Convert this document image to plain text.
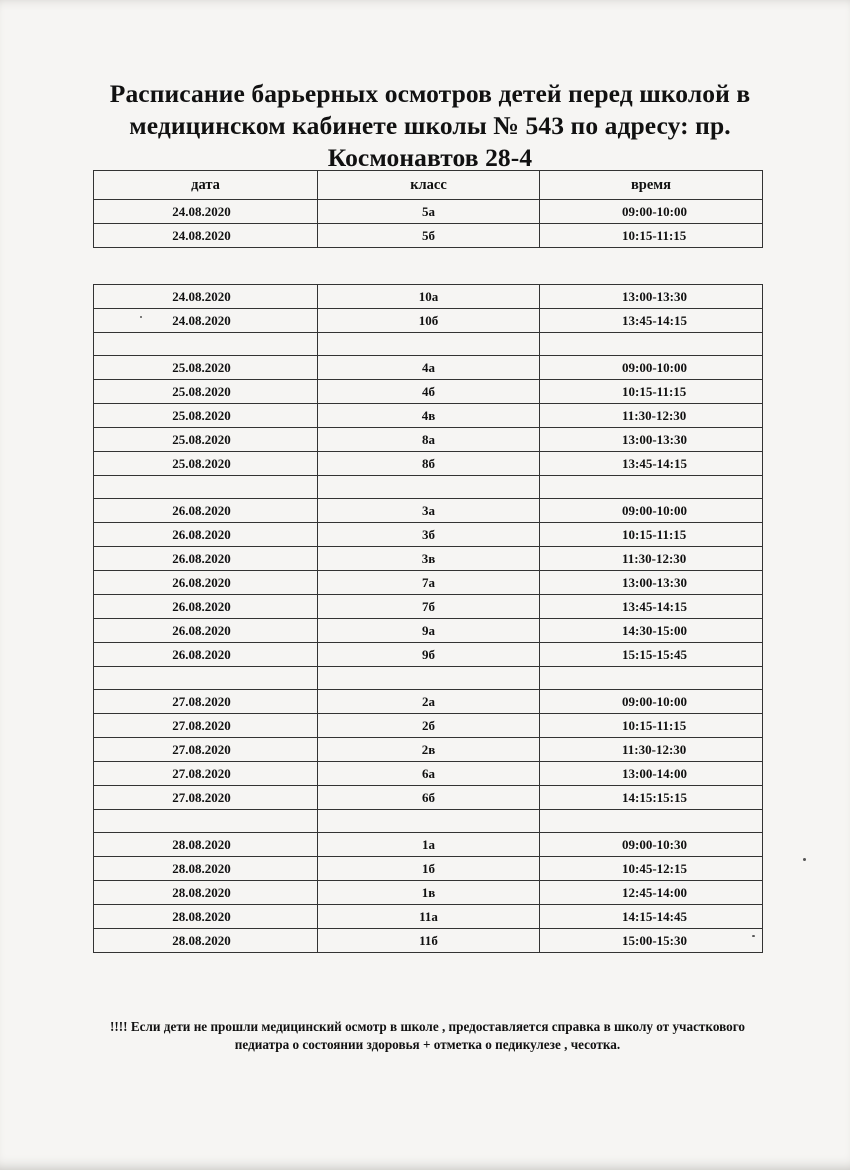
Расписание барьерных осмотров детей перед школой в медицинском кабинете школы № 543 по адресу: пр. Космонавтов 28-4
дата	класс	время
24.08.2020	5а	09:00-10:00
24.08.2020	5б	10:15-11:15

24.08.2020	10а	13:00-13:30
24.08.2020	10б	13:45-14:15

25.08.2020	4а	09:00-10:00
25.08.2020	4б	10:15-11:15
25.08.2020	4в	11:30-12:30
25.08.2020	8а	13:00-13:30
25.08.2020	8б	13:45-14:15

26.08.2020	3а	09:00-10:00
26.08.2020	3б	10:15-11:15
26.08.2020	3в	11:30-12:30
26.08.2020	7а	13:00-13:30
26.08.2020	7б	13:45-14:15
26.08.2020	9а	14:30-15:00
26.08.2020	9б	15:15-15:45

27.08.2020	2а	09:00-10:00
27.08.2020	2б	10:15-11:15
27.08.2020	2в	11:30-12:30
27.08.2020	6а	13:00-14:00
27.08.2020	6б	14:15:15:15

28.08.2020	1а	09:00-10:30
28.08.2020	1б	10:45-12:15
28.08.2020	1в	12:45-14:00
28.08.2020	11а	14:15-14:45
28.08.2020	11б	15:00-15:30
!!!! Если дети не прошли медицинский осмотр в школе , предоставляется справка в школу от участкового педиатра о состоянии здоровья + отметка о педикулезе , чесотка.
